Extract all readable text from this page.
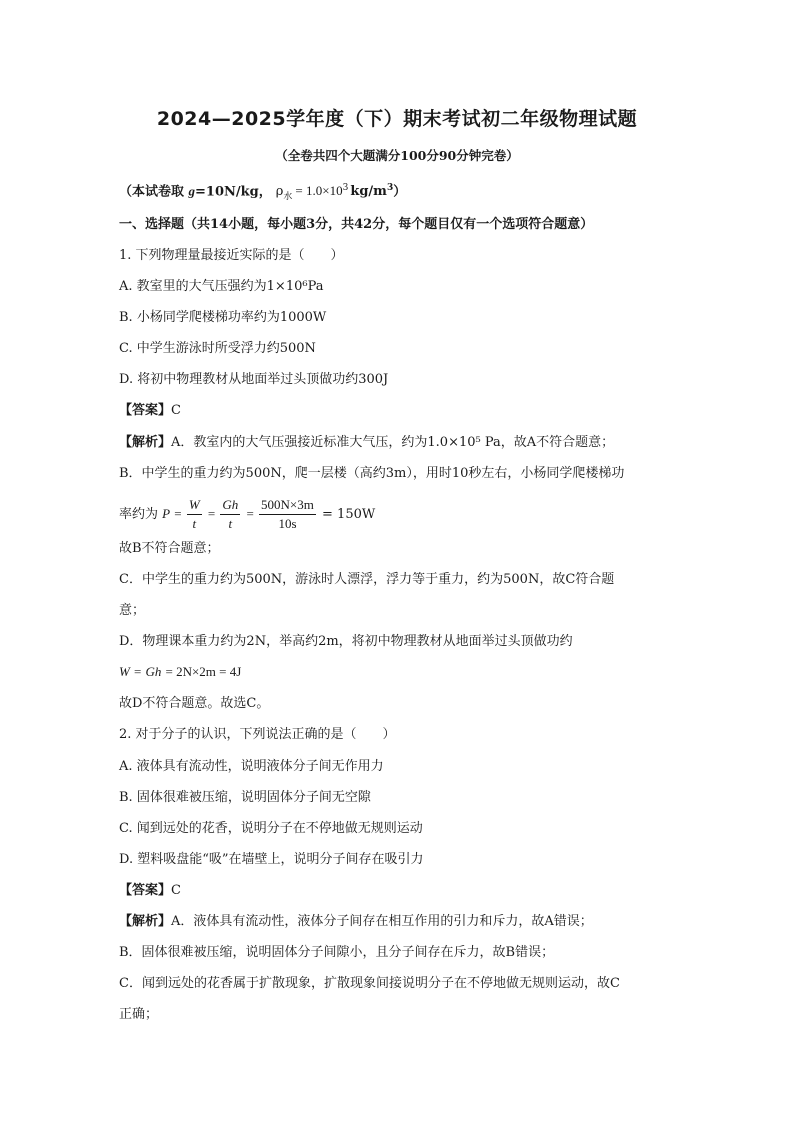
2024—2025学年度（下）期末考试初二年级物理试题
（全卷共四个大题满分100分90分钟完卷）
（本试卷取 g=10N/kg， $\rho_水 = 1.0\times 10^3$ $kg/m^3$）
一、选择题（共14小题，每小题3分，共42分，每个题目仅有一个选项符合题意）
1. 下列物理量最接近实际的是（　　）
A. 教室里的大气压强约为1×10⁶Pa
B. 小杨同学爬楼梯功率约为1000W
C. 中学生游泳时所受浮力约500N
D. 将初中物理教材从地面举过头顶做功约300J
【答案】C
【解析】A．教室内的大气压强接近标准大气压，约为1.0×10⁵ Pa，故A不符合题意；
B．中学生的重力约为500N，爬一层楼（高约3m），用时10秒左右，小杨同学爬楼梯功
率约为 $P = \frac{W}{t} = \frac{Gh}{t} = \frac{500N\times 3m}{10s} = 150W$
故B不符合题意；
C．中学生的重力约为500N，游泳时人漂浮，浮力等于重力，约为500N，故C符合题
意；
D．物理课本重力约为2N，举高约2m，将初中物理教材从地面举过头顶做功约
W = Gh = 2N×2m = 4J
故D不符合题意。故选C。
2. 对于分子的认识，下列说法正确的是（　　）
A. 液体具有流动性，说明液体分子间无作用力
B. 固体很难被压缩，说明固体分子间无空隙
C. 闻到远处的花香，说明分子在不停地做无规则运动
D. 塑料吸盘能“吸”在墙壁上，说明分子间存在吸引力
【答案】C
【解析】A．液体具有流动性，液体分子间存在相互作用的引力和斥力，故A错误；
B．固体很难被压缩，说明固体分子间隙小，且分子间存在斥力，故B错误；
C．闻到远处的花香属于扩散现象，扩散现象间接说明分子在不停地做无规则运动，故C
正确；
